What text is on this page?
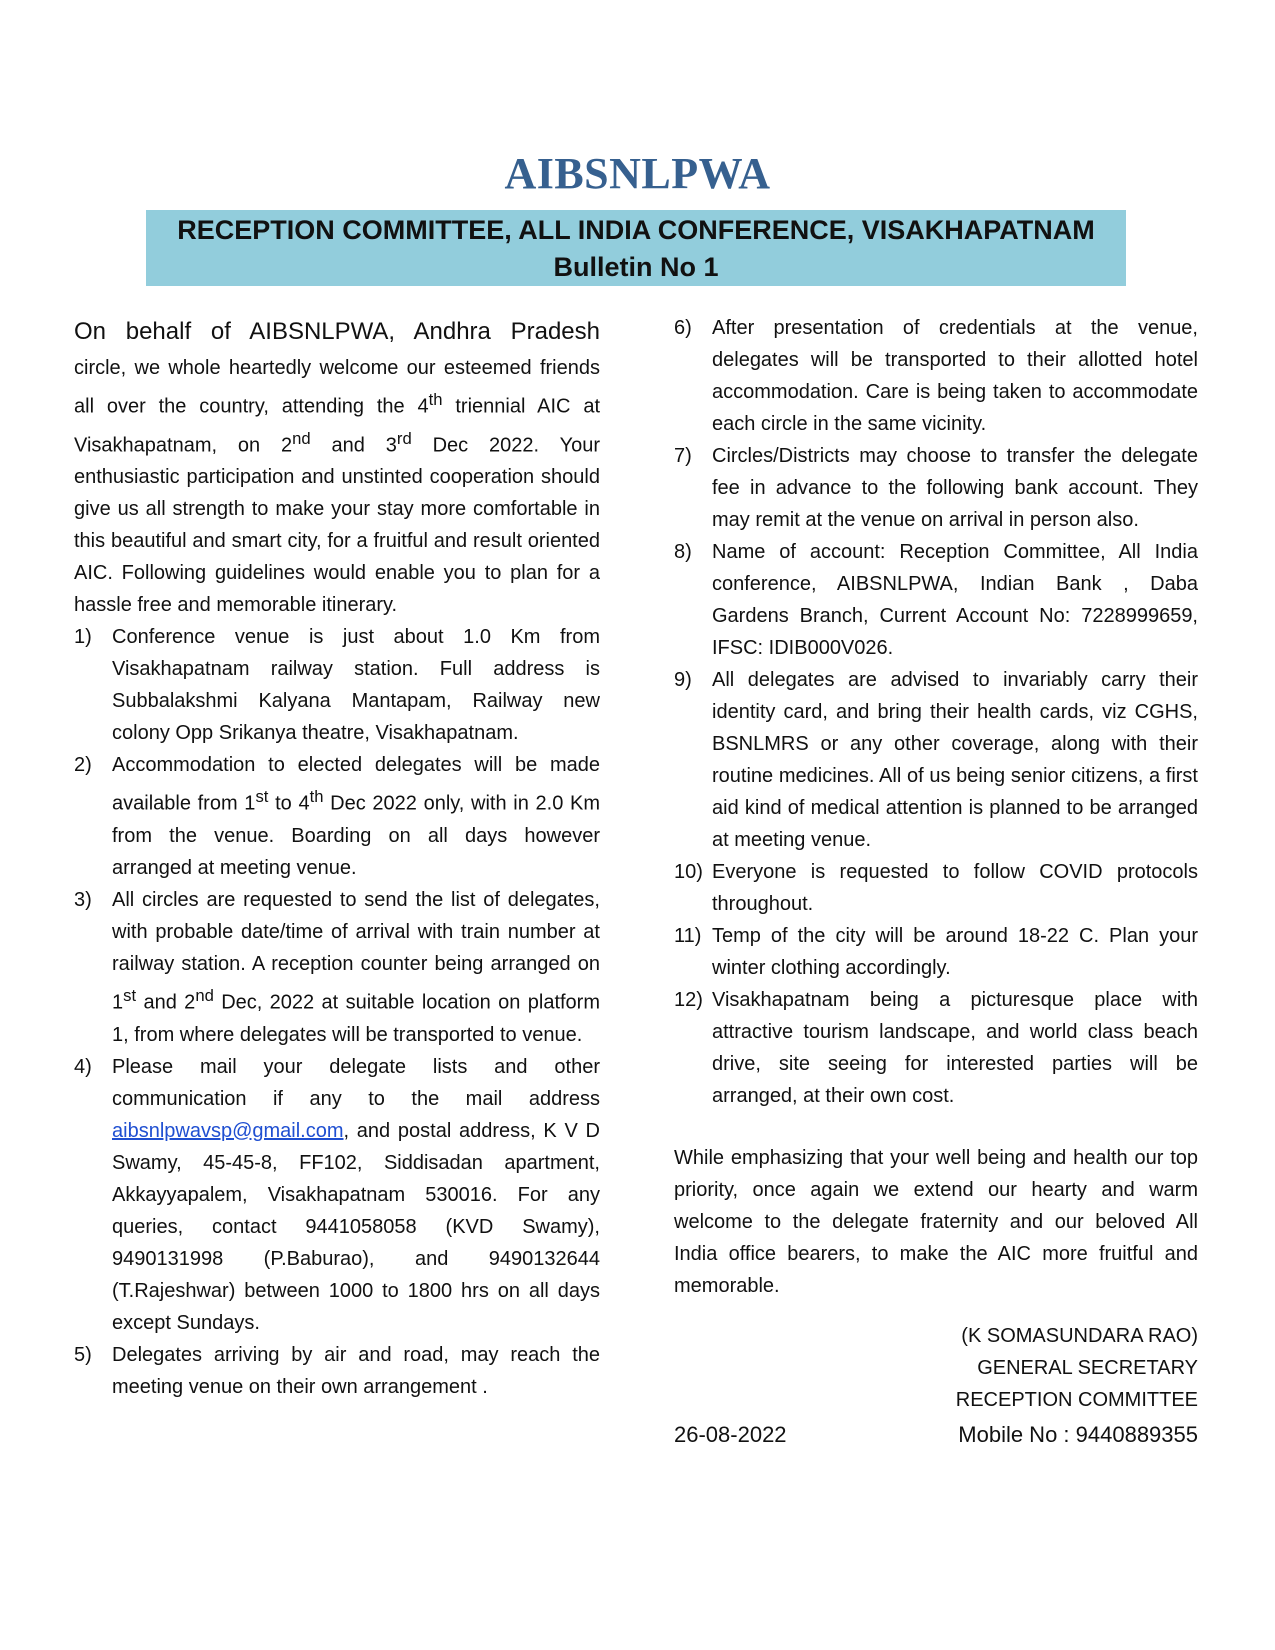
AIBSNLPWA
RECEPTION COMMITTEE, ALL INDIA CONFERENCE, VISAKHAPATNAM
Bulletin No 1
On behalf of AIBSNLPWA, Andhra Pradesh

circle, we whole heartedly welcome our esteemed friends all over the country, attending the 4th triennial AIC at Visakhapatnam, on 2nd and 3rd Dec 2022. Your enthusiastic participation and unstinted cooperation should give us all strength to make your stay more comfortable in this beautiful and smart city, for a fruitful and result oriented AIC. Following guidelines would enable you to plan for a hassle free and memorable itinerary.

1) Conference venue is just about 1.0 Km from Visakhapatnam railway station. Full address is Subbalakshmi Kalyana Mantapam, Railway new colony Opp Srikanya theatre, Visakhapatnam.
2) Accommodation to elected delegates will be made available from 1st to 4th Dec 2022 only, with in 2.0 Km from the venue. Boarding on all days however arranged at meeting venue.
3) All circles are requested to send the list of delegates, with probable date/time of arrival with train number at railway station. A reception counter being arranged on 1st and 2nd Dec, 2022 at suitable location on platform 1, from where delegates will be transported to venue.
4) Please mail your delegate lists and other communication if any to the mail address aibsnlpwavsp@gmail.com, and postal address, K V D Swamy, 45-45-8, FF102, Siddisadan apartment, Akkayyapalem, Visakhapatnam 530016. For any queries, contact 9441058058 (KVD Swamy), 9490131998 (P.Baburao), and 9490132644 (T.Rajeshwar) between 1000 to 1800 hrs on all days except Sundays.
5) Delegates arriving by air and road, may reach the meeting venue on their own arrangement .
6) After presentation of credentials at the venue, delegates will be transported to their allotted hotel accommodation. Care is being taken to accommodate each circle in the same vicinity.
7) Circles/Districts may choose to transfer the delegate fee in advance to the following bank account. They may remit at the venue on arrival in person also.
8) Name of account: Reception Committee, All India conference, AIBSNLPWA, Indian Bank , Daba Gardens Branch, Current Account No: 7228999659, IFSC: IDIB000V026.
9) All delegates are advised to invariably carry their identity card, and bring their health cards, viz CGHS, BSNLMRS or any other coverage, along with their routine medicines. All of us being senior citizens, a first aid kind of medical attention is planned to be arranged at meeting venue.
10) Everyone is requested to follow COVID protocols throughout.
11) Temp of the city will be around 18-22 C. Plan your winter clothing accordingly.
12) Visakhapatnam being a picturesque place with attractive tourism landscape, and world class beach drive, site seeing for interested parties will be arranged, at their own cost.

While emphasizing that your well being and health our top priority, once again we extend our hearty and warm welcome to the delegate fraternity and our beloved All India office bearers, to make the AIC more fruitful and memorable.

(K SOMASUNDARA RAO)
GENERAL SECRETARY
RECEPTION COMMITTEE
26-08-2022	Mobile No : 9440889355
